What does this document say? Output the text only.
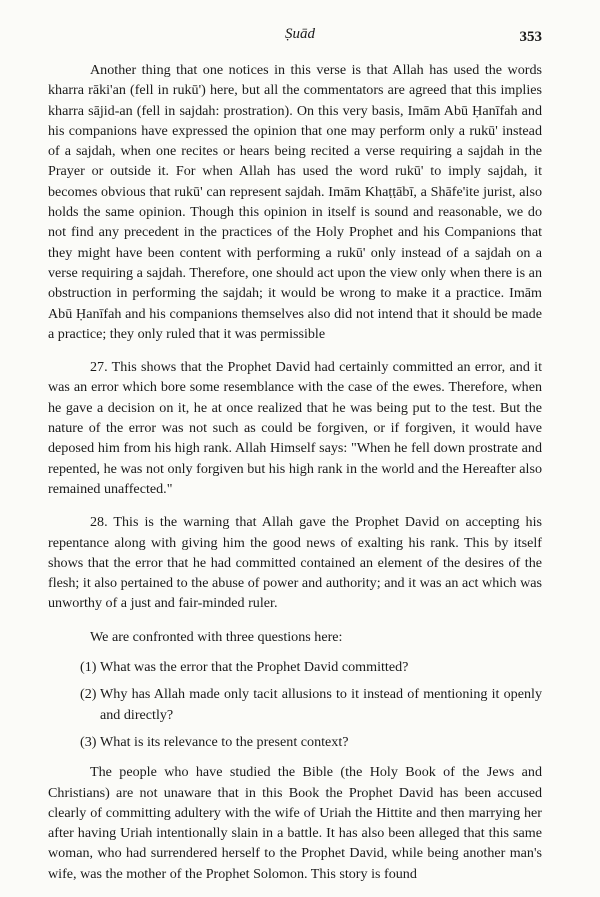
Ṣuād	353

Another thing that one notices in this verse is that Allah has used the words kharra rāki'an (fell in rukū') here, but all the commentators are agreed that this implies kharra sājid-an (fell in sajdah: prostration). On this very basis, Imām Abū Ḥanīfah and his companions have expressed the opinion that one may perform only a rukū' instead of a sajdah, when one recites or hears being recited a verse requiring a sajdah in the Prayer or outside it. For when Allah has used the word rukū' to imply sajdah, it becomes obvious that rukū' can represent sajdah. Imām Khaṭṭābī, a Shāfe'ite jurist, also holds the same opinion. Though this opinion in itself is sound and reasonable, we do not find any precedent in the practices of the Holy Prophet and his Companions that they might have been content with performing a rukū' only instead of a sajdah on a verse requiring a sajdah. Therefore, one should act upon the view only when there is an obstruction in performing the sajdah; it would be wrong to make it a practice. Imām Abū Ḥanīfah and his companions themselves also did not intend that it should be made a practice; they only ruled that it was permissible

27. This shows that the Prophet David had certainly committed an error, and it was an error which bore some resemblance with the case of the ewes. Therefore, when he gave a decision on it, he at once realized that he was being put to the test. But the nature of the error was not such as could be forgiven, or if forgiven, it would have deposed him from his high rank. Allah Himself says: "When he fell down prostrate and repented, he was not only forgiven but his high rank in the world and the Hereafter also remained unaffected."

28. This is the warning that Allah gave the Prophet David on accepting his repentance along with giving him the good news of exalting his rank. This by itself shows that the error that he had committed contained an element of the desires of the flesh; it also pertained to the abuse of power and authority; and it was an act which was unworthy of a just and fair-minded ruler.

We are confronted with three questions here:

(1) What was the error that the Prophet David committed?
(2) Why has Allah made only tacit allusions to it instead of mentioning it openly and directly?
(3) What is its relevance to the present context?

The people who have studied the Bible (the Holy Book of the Jews and Christians) are not unaware that in this Book the Prophet David has been accused clearly of committing adultery with the wife of Uriah the Hittite and then marrying her after having Uriah intentionally slain in a battle. It has also been alleged that this same woman, who had surrendered herself to the Prophet David, while being another man's wife, was the mother of the Prophet Solomon. This story is found
